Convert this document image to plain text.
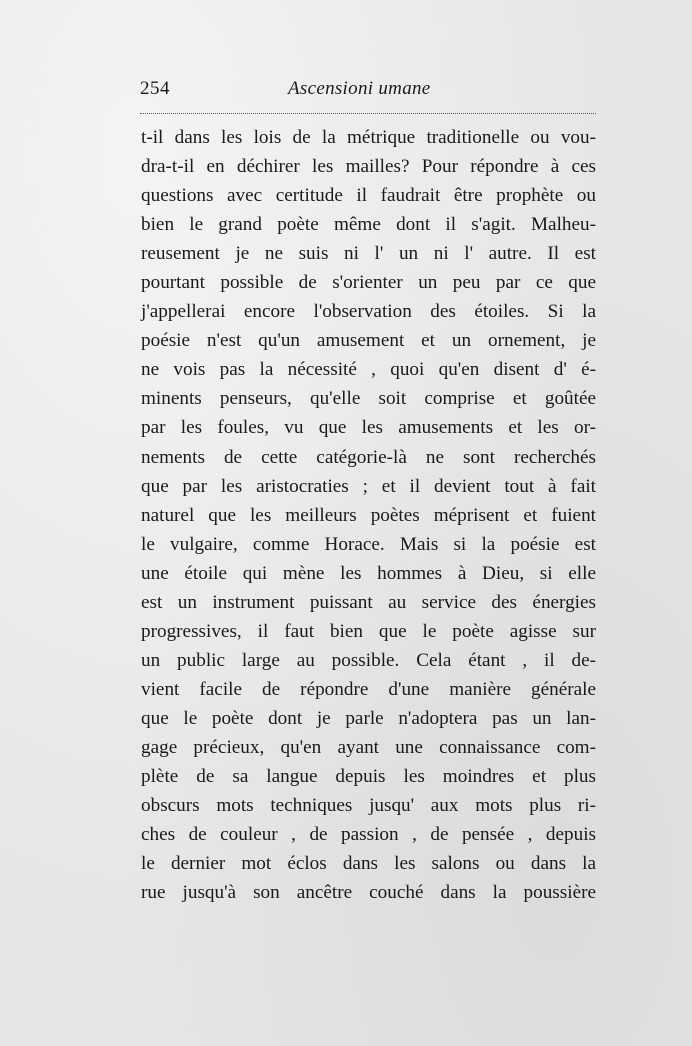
254	Ascensioni umane
t-il dans les lois de la métrique traditionelle ou vou-
dra-t-il en déchirer les mailles? Pour répondre à ces
questions avec certitude il faudrait être prophète ou
bien le grand poète même dont il s'agit. Malheu-
reusement je ne suis ni l' un ni l' autre. Il est
pourtant possible de s'orienter un peu par ce que
j'appellerai encore l'observation des étoiles. Si la
poésie n'est qu'un amusement et un ornement, je
ne vois pas la nécessité , quoi qu'en disent d' é-
minents penseurs, qu'elle soit comprise et goûtée
par les foules, vu que les amusements et les or-
nements de cette catégorie-là ne sont recherchés
que par les aristocraties ; et il devient tout à fait
naturel que les meilleurs poètes méprisent et fuient
le vulgaire, comme Horace. Mais si la poésie est
une étoile qui mène les hommes à Dieu, si elle
est un instrument puissant au service des énergies
progressives, il faut bien que le poète agisse sur
un public large au possible. Cela étant , il de-
vient facile de répondre d'une manière générale
que le poète dont je parle n'adoptera pas un lan-
gage précieux, qu'en ayant une connaissance com-
plète de sa langue depuis les moindres et plus
obscurs mots techniques jusqu' aux mots plus ri-
ches de couleur , de passion , de pensée , depuis
le dernier mot éclos dans les salons ou dans la
rue jusqu'à son ancêtre couché dans la poussière
